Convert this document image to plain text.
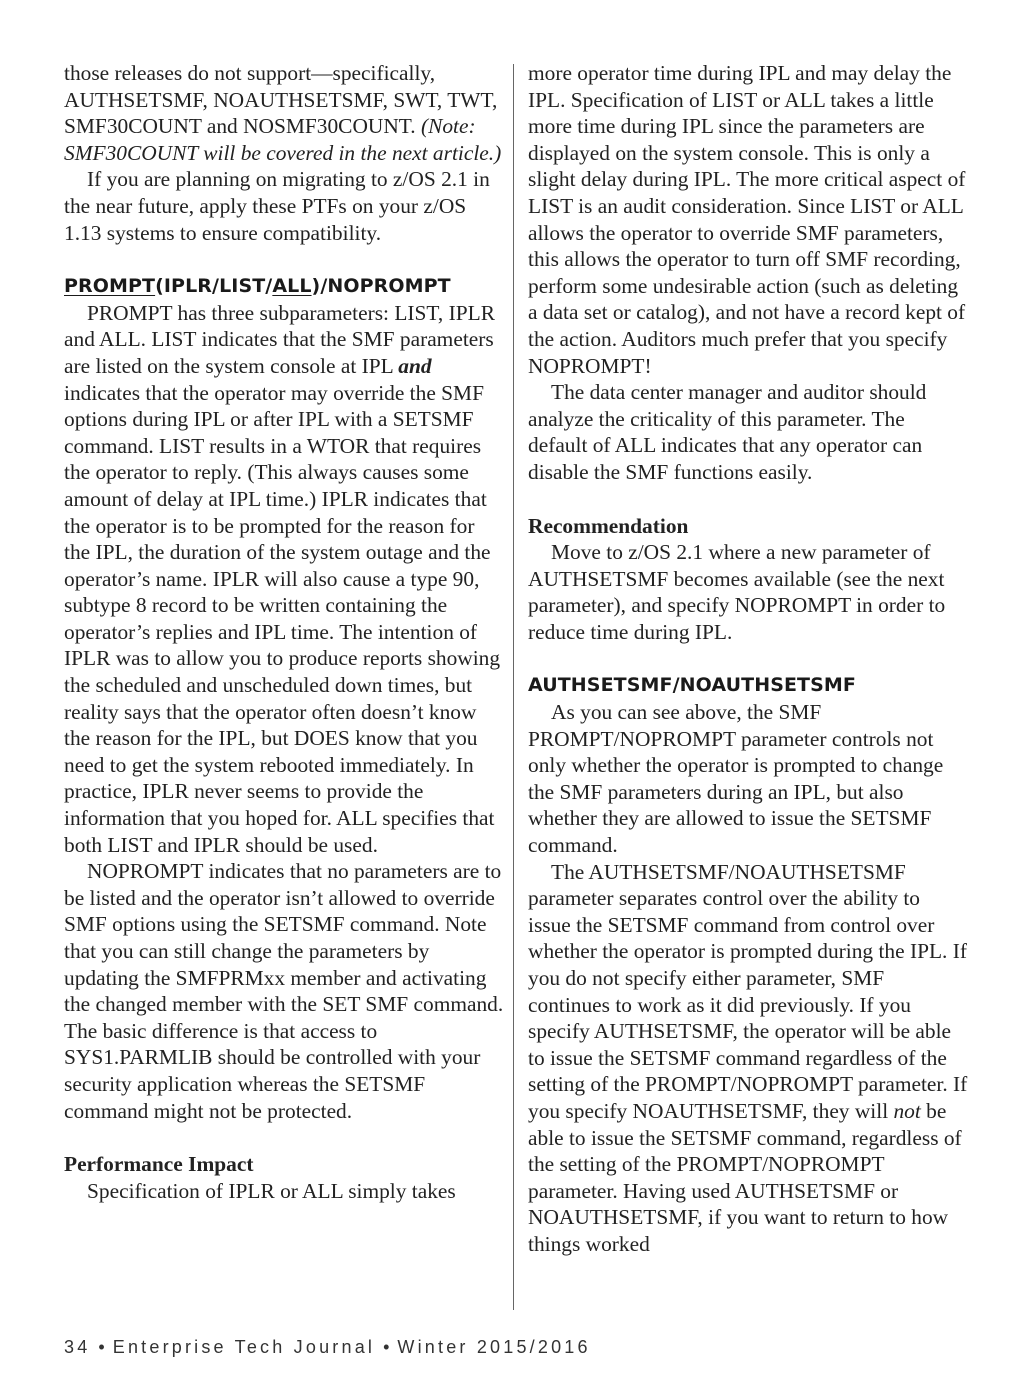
those releases do not support—specifically, AUTHSETSMF, NOAUTHSETSMF, SWT, TWT, SMF30COUNT and NOSMF30COUNT. (Note: SMF30COUNT will be covered in the next article.)

If you are planning on migrating to z/OS 2.1 in the near future, apply these PTFs on your z/OS 1.13 systems to ensure compatibility.

PROMPT(IPLR/LIST/ALL)/NOPROMPT

PROMPT has three subparameters: LIST, IPLR and ALL. LIST indicates that the SMF parameters are listed on the system console at IPL and indicates that the operator may override the SMF options during IPL or after IPL with a SETSMF command. LIST results in a WTOR that requires the operator to reply. (This always causes some amount of delay at IPL time.) IPLR indicates that the operator is to be prompted for the reason for the IPL, the duration of the system outage and the operator’s name. IPLR will also cause a type 90, subtype 8 record to be written containing the operator’s replies and IPL time. The intention of IPLR was to allow you to produce reports showing the scheduled and unscheduled down times, but reality says that the operator often doesn’t know the reason for the IPL, but DOES know that you need to get the system rebooted immediately. In practice, IPLR never seems to provide the information that you hoped for. ALL specifies that both LIST and IPLR should be used.

NOPROMPT indicates that no parameters are to be listed and the operator isn’t allowed to override SMF options using the SETSMF command. Note that you can still change the parameters by updating the SMFPRMxx member and activating the changed member with the SET SMF command. The basic difference is that access to SYS1.PARMLIB should be controlled with your security application whereas the SETSMF command might not be protected.

Performance Impact

Specification of IPLR or ALL simply takes

more operator time during IPL and may delay the IPL. Specification of LIST or ALL takes a little more time during IPL since the parameters are displayed on the system console. This is only a slight delay during IPL. The more critical aspect of LIST is an audit consideration. Since LIST or ALL allows the operator to override SMF parameters, this allows the operator to turn off SMF recording, perform some undesirable action (such as deleting a data set or catalog), and not have a record kept of the action. Auditors much prefer that you specify NOPROMPT!

The data center manager and auditor should analyze the criticality of this parameter. The default of ALL indicates that any operator can disable the SMF functions easily.

Recommendation

Move to z/OS 2.1 where a new parameter of AUTHSETSMF becomes available (see the next parameter), and specify NOPROMPT in order to reduce time during IPL.

AUTHSETSMF/NOAUTHSETSMF

As you can see above, the SMF PROMPT/NOPROMPT parameter controls not only whether the operator is prompted to change the SMF parameters during an IPL, but also whether they are allowed to issue the SETSMF command.

The AUTHSETSMF/NOAUTHSETSMF parameter separates control over the ability to issue the SETSMF command from control over whether the operator is prompted during the IPL. If you do not specify either parameter, SMF continues to work as it did previously. If you specify AUTHSETSMF, the operator will be able to issue the SETSMF command regardless of the setting of the PROMPT/NOPROMPT parameter. If you specify NOAUTHSETSMF, they will not be able to issue the SETSMF command, regardless of the setting of the PROMPT/NOPROMPT parameter. Having used AUTHSETSMF or NOAUTHSETSMF, if you want to return to how things worked

34 • Enterprise Tech Journal • Winter 2015/2016
